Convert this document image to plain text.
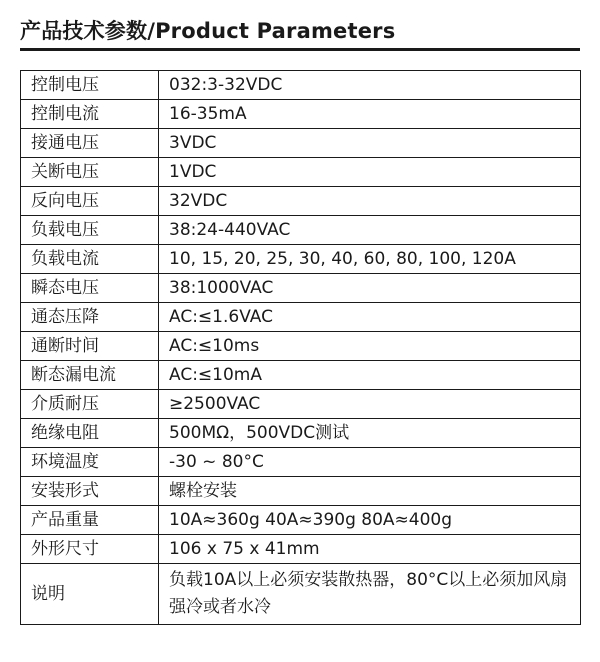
产品技术参数/Product Parameters
控制电压	032:3-32VDC
控制电流	16-35mA
接通电压	3VDC
关断电压	1VDC
反向电压	32VDC
负载电压	38:24-440VAC
负载电流	10, 15, 20, 25, 30, 40, 60, 80, 100, 120A
瞬态电压	38:1000VAC
通态压降	AC:≤1.6VAC
通断时间	AC:≤10ms
断态漏电流	AC:≤10mA
介质耐压	≥2500VAC
绝缘电阻	500MΩ，500VDC测试
环境温度	-30 ~ 80°C
安装形式	螺栓安装
产品重量	10A≈360g 40A≈390g 80A≈400g
外形尺寸	106 x 75 x 41mm
说明	负载10A以上必须安装散热器，80°C以上必须加风扇强冷或者水冷
